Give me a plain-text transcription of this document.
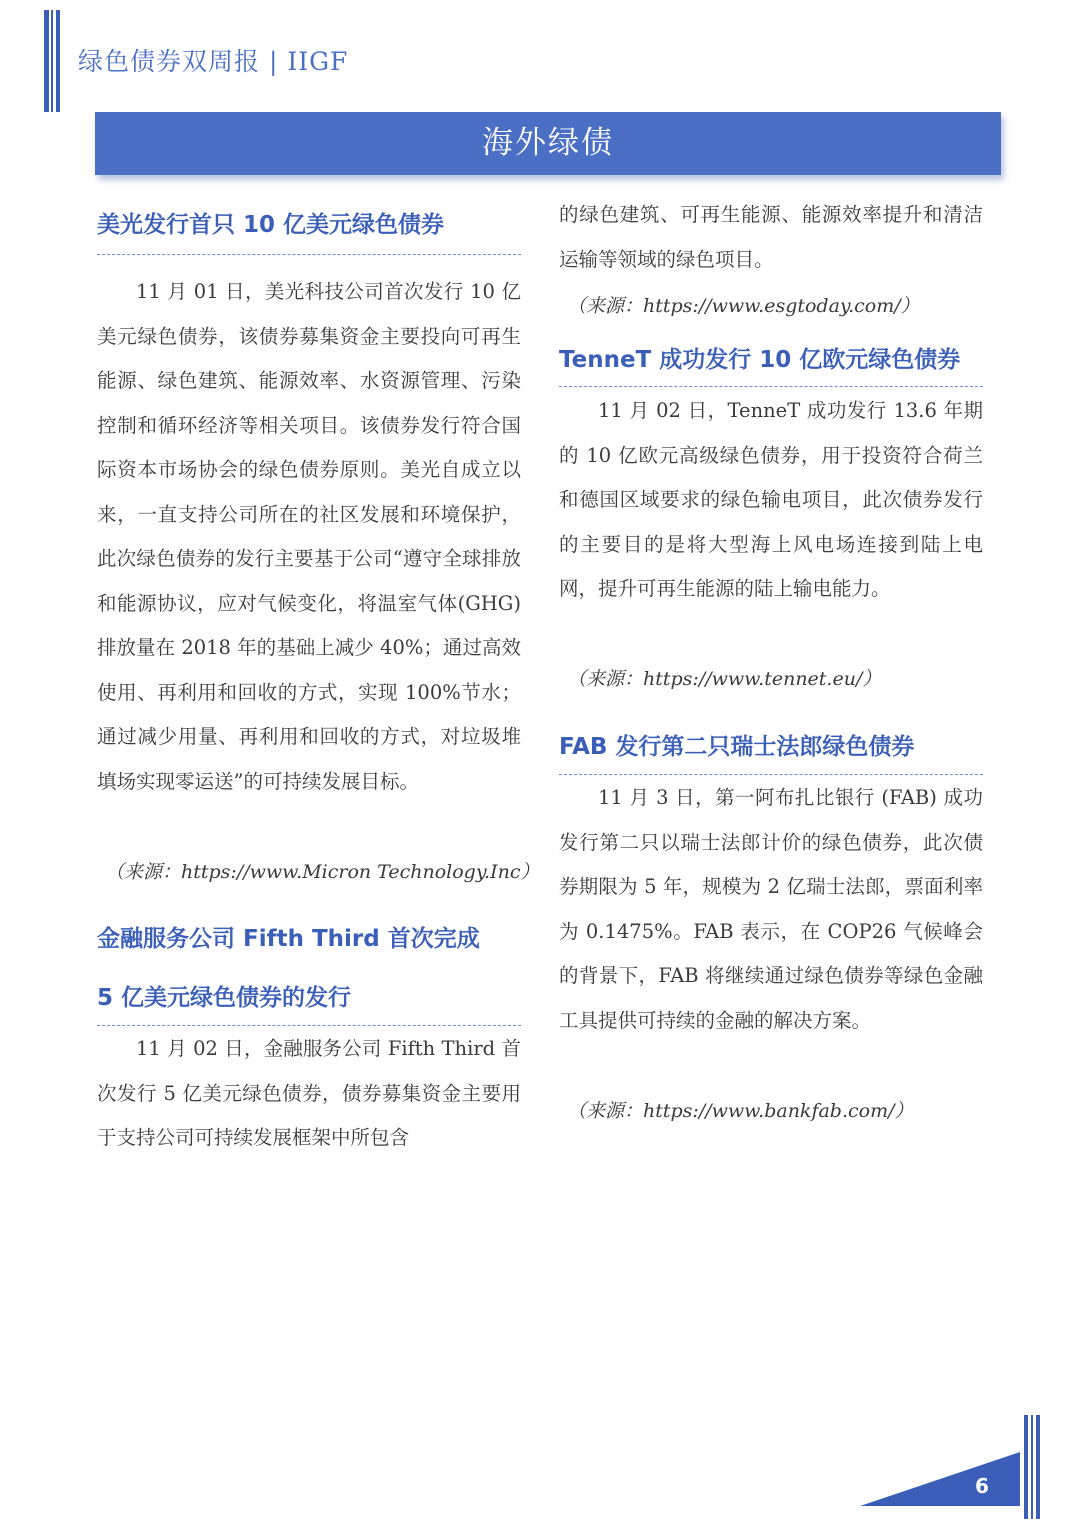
绿色债券双周报 | IIGF
海外绿债
美光发行首只 10 亿美元绿色债券
11 月 01 日，美光科技公司首次发行 10 亿美元绿色债券，该债券募集资金主要投向可再生能源、绿色建筑、能源效率、水资源管理、污染控制和循环经济等相关项目。该债券发行符合国际资本市场协会的绿色债券原则。美光自成立以来，一直支持公司所在的社区发展和环境保护，此次绿色债券的发行主要基于公司“遵守全球排放和能源协议，应对气候变化，将温室气体(GHG)排放量在 2018 年的基础上减少 40%；通过高效使用、再利用和回收的方式，实现 100%节水；通过减少用量、再利用和回收的方式，对垃圾堆填场实现零运送”的可持续发展目标。
（来源：https://www.Micron Technology.Inc）
金融服务公司 Fifth Third 首次完成
5 亿美元绿色债券的发行
11 月 02 日，金融服务公司 Fifth Third 首次发行 5 亿美元绿色债券，债券募集资金主要用于支持公司可持续发展框架中所包含
的绿色建筑、可再生能源、能源效率提升和清洁运输等领域的绿色项目。
（来源：https://www.esgtoday.com/）
TenneT 成功发行 10 亿欧元绿色债券
11 月 02 日，TenneT 成功发行 13.6 年期的 10 亿欧元高级绿色债券，用于投资符合荷兰和德国区域要求的绿色输电项目，此次债券发行的主要目的是将大型海上风电场连接到陆上电网，提升可再生能源的陆上输电能力。
（来源：https://www.tennet.eu/）
FAB 发行第二只瑞士法郎绿色债券
11 月 3 日，第一阿布扎比银行 (FAB) 成功发行第二只以瑞士法郎计价的绿色债券，此次债券期限为 5 年，规模为 2 亿瑞士法郎，票面利率为 0.1475%。FAB 表示，在 COP26 气候峰会的背景下，FAB 将继续通过绿色债券等绿色金融工具提供可持续的金融的解决方案。
（来源：https://www.bankfab.com/）
6
